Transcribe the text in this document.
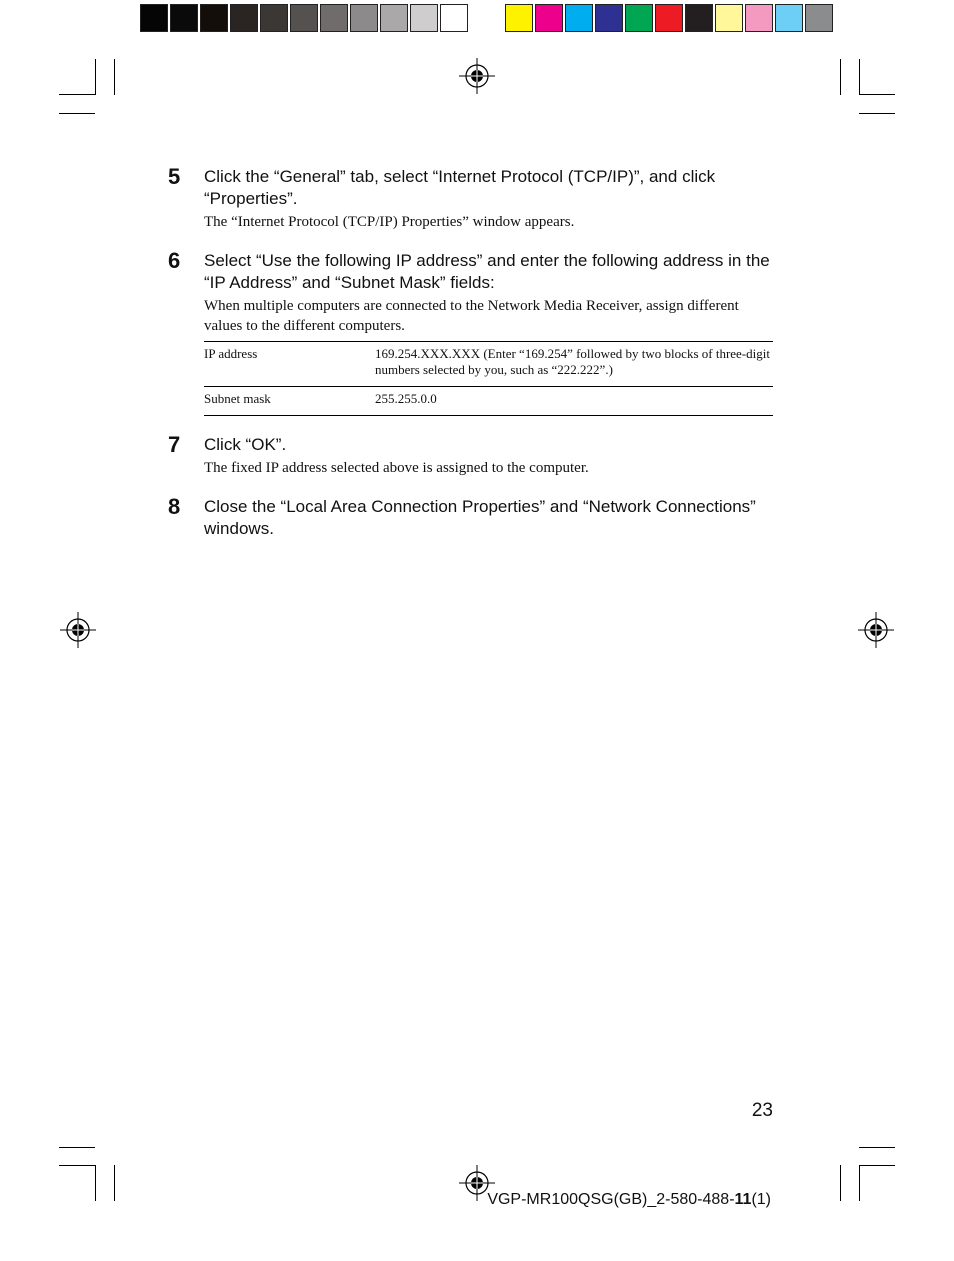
5 Click the “General” tab, select “Internet Protocol (TCP/IP)”, and click “Properties”.
The “Internet Protocol (TCP/IP) Properties” window appears.
6 Select “Use the following IP address” and enter the following address in the “IP Address” and “Subnet Mask” fields:
When multiple computers are connected to the Network Media Receiver, assign different values to the different computers.
IP address	169.254.XXX.XXX (Enter “169.254” followed by two blocks of three-digit numbers selected by you, such as “222.222”.)
Subnet mask	255.255.0.0
7 Click “OK”.
The fixed IP address selected above is assigned to the computer.
8 Close the “Local Area Connection Properties” and “Network Connections” windows.
23
VGP-MR100QSG(GB)_2-580-488-11(1)
